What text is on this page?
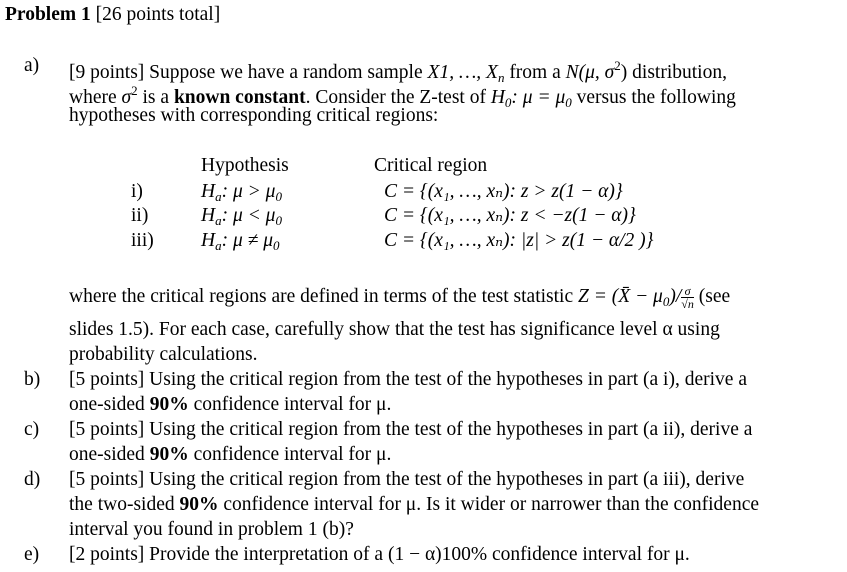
Problem 1 [26 points total]
a) [9 points] Suppose we have a random sample X1, …, $X_n$ from a N(μ, $\sigma^2$) distribution,
where $\sigma^2$ is a known constant. Consider the Z-test of $H_0$: $\mu = \mu_0$ versus the following
hypotheses with corresponding critical regions:
Hypothesis	Critical region
i)	$H_a$: $\mu > \mu_0$	C = {(x₁, …, xₙ): z > z(1 − α)}
ii)	$H_a$: $\mu < \mu_0$	C = {(x₁, …, xₙ): z < −z(1 − α)}
iii) $H_a$: $\mu \ne \mu_0$	C = {(x₁, …, xₙ): |z| > z(1 − α/2 )}
where the critical regions are defined in terms of the test statistic Z = (X̄ − $\mu_0)/ \frac{\sigma}{√n} (see$
slides 1.5). For each case, carefully show that the test has significance level α using
probability calculations.
b) [5 points] Using the critical region from the test of the hypotheses in part (a i), derive a
one-sided 90% confidence interval for μ.
c) [5 points] Using the critical region from the test of the hypotheses in part (a ii), derive a
one-sided 90% confidence interval for μ.
d) [5 points] Using the critical region from the test of the hypotheses in part (a iii), derive
the two-sided 90% confidence interval for μ. Is it wider or narrower than the confidence
interval you found in problem 1 (b)?
e) [2 points] Provide the interpretation of a (1 − α)100% confidence interval for μ.
